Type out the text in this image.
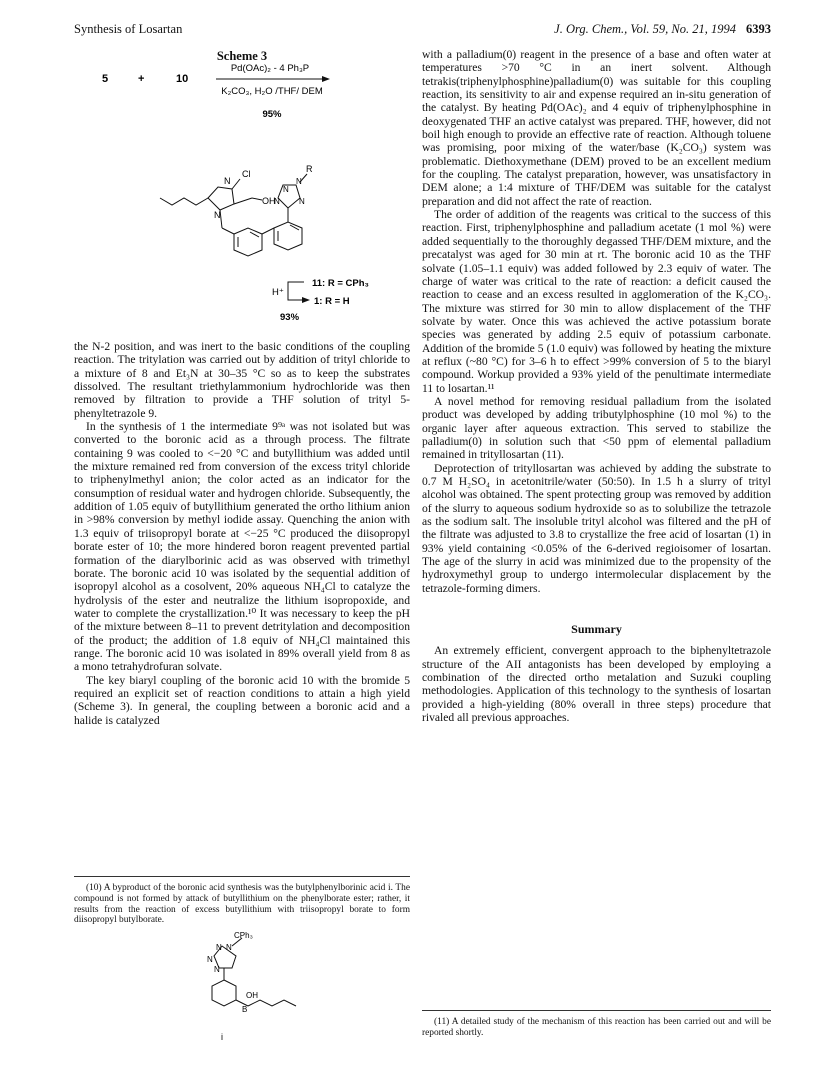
Synthesis of Losartan	J. Org. Chem., Vol. 59, No. 21, 1994 6393
Scheme 3
5	+	10
Pd(OAc)₂ - 4 Ph₃P
K₂CO₃, H₂O /THF/ DEM
95%
N
Cl
OH
N
N
N
N N
R
11: R = CPh₃
H⁺
1: R = H
93%

the N-2 position, and was inert to the basic conditions of the coupling reaction. The tritylation was carried out by addition of trityl chloride to a mixture of 8 and Et₃N at 30–35 °C so as to keep the substrates dissolved. The resultant triethylammonium hydrochloride was then removed by filtration to provide a THF solution of trityl 5-phenyltetrazole 9.

In the synthesis of 1 the intermediate 9⁹ᵃ was not isolated but was converted to the boronic acid as a through process. The filtrate containing 9 was cooled to <−20 °C and butyllithium was added until the mixture remained red from conversion of the excess trityl chloride to triphenylmethyl anion; the color acted as an indicator for the consumption of residual water and hydrogen chloride. Subsequently, the addition of 1.05 equiv of butyllithium generated the ortho lithium anion in >98% conversion by methyl iodide assay. Quenching the anion with 1.3 equiv of triisopropyl borate at <−25 °C produced the diisopropyl borate ester of 10; the more hindered boron reagent prevented partial formation of the diarylborinic acid as was observed with trimethyl borate. The boronic acid 10 was isolated by the sequential addition of isopropyl alcohol as a cosolvent, 20% aqueous NH₄Cl to catalyze the hydrolysis of the ester and neutralize the lithium isopropoxide, and water to complete the crystallization.¹⁰ It was necessary to keep the pH of the mixture between 8–11 to prevent detritylation and decomposition of the product; the addition of 1.8 equiv of NH₄Cl maintained this range. The boronic acid 10 was isolated in 89% overall yield from 8 as a mono tetrahydrofuran solvate.

The key biaryl coupling of the boronic acid 10 with the bromide 5 required an explicit set of reaction conditions to attain a high yield (Scheme 3). In general, the coupling between a boronic acid and a halide is catalyzed

(10) A byproduct of the boronic acid synthesis was the butylphenylborinic acid i. The compound is not formed by attack of butyllithium on the phenylborate ester; rather, it results from the reaction of excess butyllithium with triisopropyl borate to form diisopropyl butylborate.

CPh₃
N N
N
N
OH
B
i

with a palladium(0) reagent in the presence of a base and often water at temperatures >70 °C in an inert solvent. Although tetrakis(triphenylphosphine)palladium(0) was suitable for this coupling reaction, its sensitivity to air and expense required an in-situ generation of the catalyst. By heating Pd(OAc)₂ and 4 equiv of triphenylphosphine in deoxygenated THF an active catalyst was prepared. THF, however, did not boil high enough to provide an effective rate of reaction. Although toluene was promising, poor mixing of the water/base (K₂CO₃) system was problematic. Diethoxymethane (DEM) proved to be an excellent medium for the coupling. The catalyst preparation, however, was unsatisfactory in DEM alone; a 1:4 mixture of THF/DEM was suitable for the catalyst preparation and did not affect the rate of reaction.

The order of addition of the reagents was critical to the success of this reaction. First, triphenylphosphine and palladium acetate (1 mol %) were added sequentially to the thoroughly degassed THF/DEM mixture, and the precatalyst was aged for 30 min at rt. The boronic acid 10 as the THF solvate (1.05–1.1 equiv) was added followed by 2.3 equiv of water. The charge of water was critical to the rate of reaction: a deficit caused the reaction to cease and an excess resulted in agglomeration of the K₂CO₃. The mixture was stirred for 30 min to allow displacement of the THF solvate by water. Once this was achieved the active potassium borate species was generated by adding 2.5 equiv of potassium carbonate. Addition of the bromide 5 (1.0 equiv) was followed by heating the mixture at reflux (~80 °C) for 3–6 h to effect >99% conversion of 5 to the biaryl compound. Workup provided a 93% yield of the penultimate intermediate 11 to losartan.¹¹

A novel method for removing residual palladium from the isolated product was developed by adding tributylphosphine (10 mol %) to the organic layer after aqueous extraction. This served to stabilize the palladium(0) in solution such that <50 ppm of elemental palladium remained in trityllosartan (11).

Deprotection of trityllosartan was achieved by adding the substrate to 0.7 M H₂SO₄ in acetonitrile/water (50:50). In 1.5 h a slurry of trityl alcohol was obtained. The spent protecting group was removed by addition of the slurry to aqueous sodium hydroxide so as to solubilize the tetrazole as the sodium salt. The insoluble trityl alcohol was filtered and the pH of the filtrate was adjusted to 3.8 to crystallize the free acid of losartan (1) in 93% yield containing <0.05% of the 6-derived regioisomer of losartan. The age of the slurry in acid was minimized due to the propensity of the hydroxymethyl group to undergo intermolecular displacement by the tetrazole-forming dimers.

Summary

An extremely efficient, convergent approach to the biphenyltetrazole structure of the AII antagonists has been developed by employing a combination of the directed ortho metalation and Suzuki coupling methodologies. Application of this technology to the synthesis of losartan provided a high-yielding (80% overall in three steps) procedure that rivaled all previous approaches.

(11) A detailed study of the mechanism of this reaction has been carried out and will be reported shortly.
